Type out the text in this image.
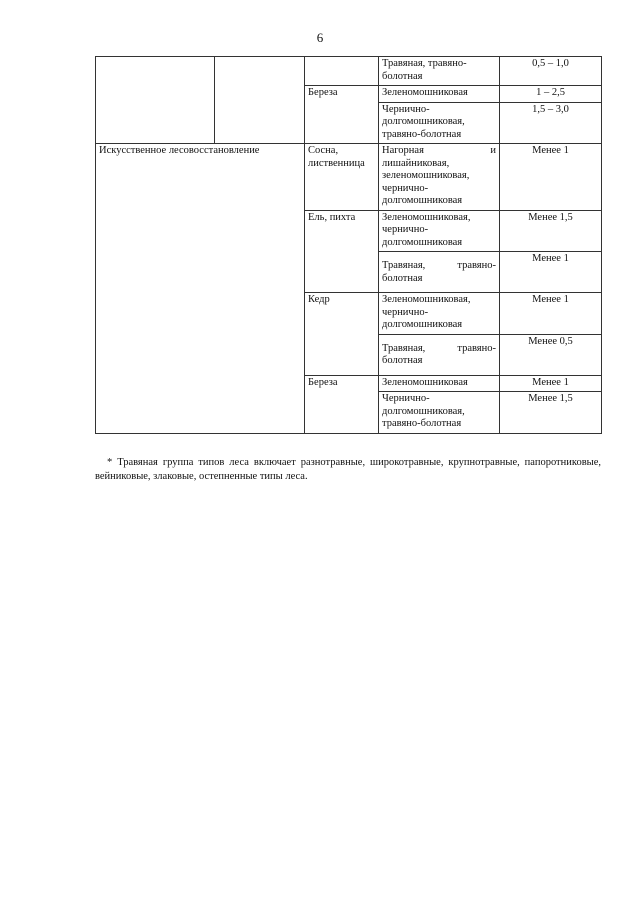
6
			Травяная, травяно-болотная	0,5 – 1,0
		Береза	Зеленомошниковая	1 – 2,5
			Чернично-долгомошниковая, травяно-болотная	1,5 – 3,0
Искусственное лесовосстановление		Сосна, лиственница	Нагорная и лишайниковая, зеленомошниковая, чернично-долгомошниковая	Менее 1
		Ель, пихта	Зеленомошниковая, чернично-долгомошниковая	Менее 1,5
			Травяная, травяно-болотная	Менее 1
		Кедр	Зеленомошниковая, чернично-долгомошниковая	Менее 1
			Травяная, травяно-болотная	Менее 0,5
		Береза	Зеленомошниковая	Менее 1
			Чернично-долгомошниковая, травяно-болотная	Менее 1,5
* Травяная группа типов леса включает разнотравные, широкотравные, крупнотравные, папоротниковые, вейниковые, злаковые, остепненные типы леса.
